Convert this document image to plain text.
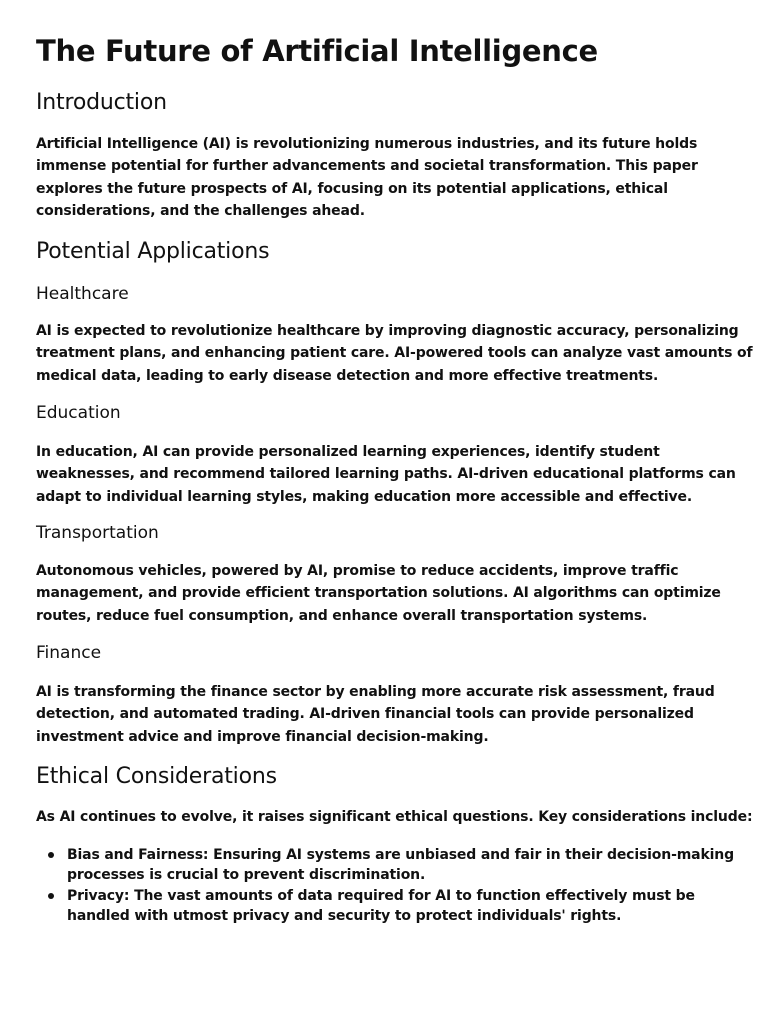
The Future of Artificial Intelligence
Introduction

Artificial Intelligence (AI) is revolutionizing numerous industries, and its future holds
immense potential for further advancements and societal transformation. This paper
explores the future prospects of AI, focusing on its potential applications, ethical
considerations, and the challenges ahead.

Potential Applications
Healthcare

AI is expected to revolutionize healthcare by improving diagnostic accuracy, personalizing
treatment plans, and enhancing patient care. AI-powered tools can analyze vast amounts of
medical data, leading to early disease detection and more effective treatments.

Education

In education, AI can provide personalized learning experiences, identify student
weaknesses, and recommend tailored learning paths. AI-driven educational platforms can
adapt to individual learning styles, making education more accessible and effective.

Transportation

Autonomous vehicles, powered by AI, promise to reduce accidents, improve traffic
management, and provide efficient transportation solutions. AI algorithms can optimize
routes, reduce fuel consumption, and enhance overall transportation systems.

Finance

AI is transforming the finance sector by enabling more accurate risk assessment, fraud
detection, and automated trading. AI-driven financial tools can provide personalized
investment advice and improve financial decision-making.

Ethical Considerations

As AI continues to evolve, it raises significant ethical questions. Key considerations include:

Bias and Fairness: Ensuring AI systems are unbiased and fair in their decision-making
processes is crucial to prevent discrimination.
Privacy: The vast amounts of data required for AI to function effectively must be
handled with utmost privacy and security to protect individuals' rights.
